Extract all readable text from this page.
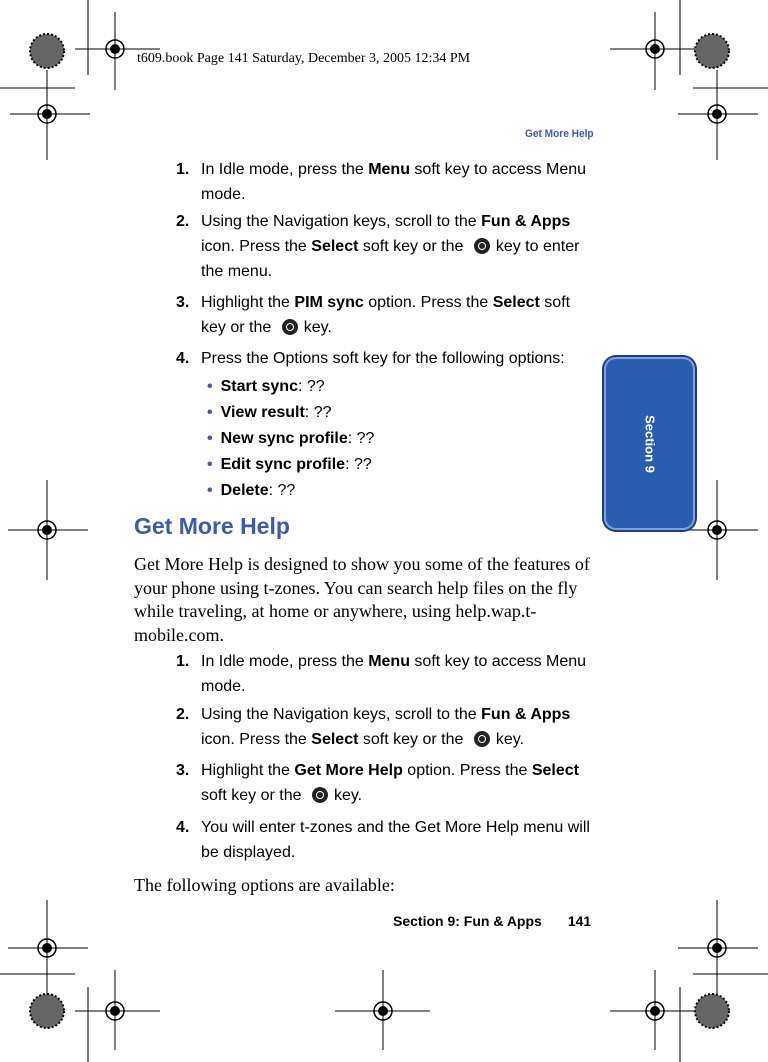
t609.book Page 141 Saturday, December 3, 2005 12:34 PM
Get More Help
Section 9
1. In Idle mode, press the Menu soft key to access Menu mode.
2. Using the Navigation keys, scroll to the Fun & Apps icon. Press the Select soft key or the key to enter the menu.
3. Highlight the PIM sync option. Press the Select soft key or the key.
4. Press the Options soft key for the following options:
• Start sync: ??
• View result: ??
• New sync profile: ??
• Edit sync profile: ??
• Delete: ??
Get More Help
Get More Help is designed to show you some of the features of your phone using t-zones. You can search help files on the fly while traveling, at home or anywhere, using help.wap.t-mobile.com.
1. In Idle mode, press the Menu soft key to access Menu mode.
2. Using the Navigation keys, scroll to the Fun & Apps icon. Press the Select soft key or the key.
3. Highlight the Get More Help option. Press the Select soft key or the key.
4. You will enter t-zones and the Get More Help menu will be displayed.
The following options are available:
Section 9: Fun & Apps 141
